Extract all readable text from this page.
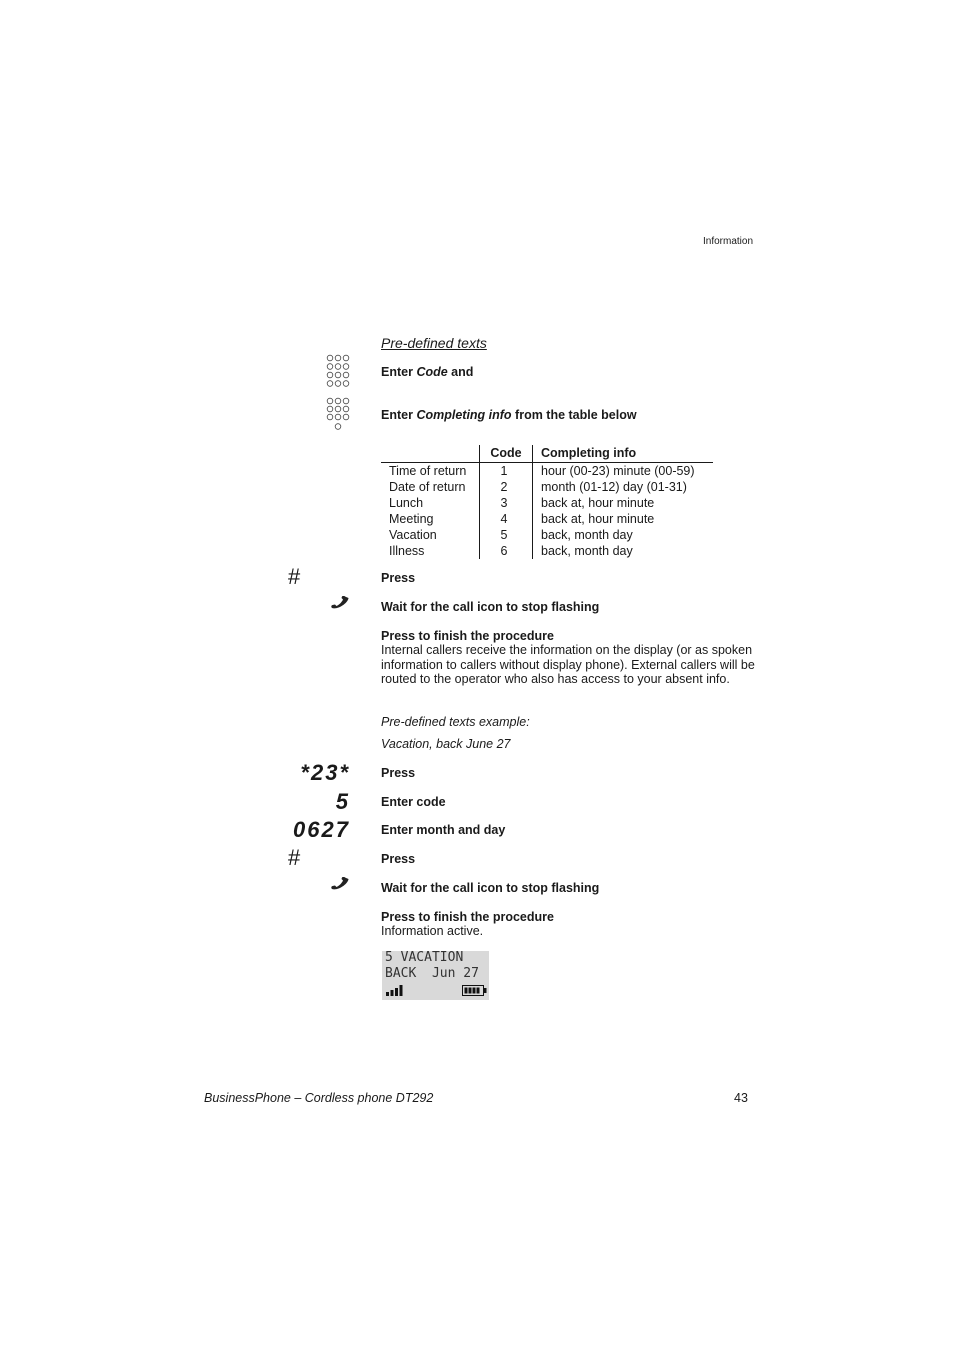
Information
Pre-defined texts
Enter Code and
Enter Completing info from the table below
	Code	Completing info
Time of return	1	hour (00-23) minute (00-59)
Date of return	2	month (01-12) day (01-31)
Lunch	3	back at, hour minute
Meeting	4	back at, hour minute
Vacation	5	back, month day
Illness	6	back, month day
#	Press
Wait for the call icon to stop flashing
Press to finish the procedure
Internal callers receive the information on the display (or as spoken information to callers without display phone). External callers will be routed to the operator who also has access to your absent info.
Pre-defined texts example:
Vacation, back June 27
*23* Press
5 Enter code
0627 Enter month and day
#	Press
Wait for the call icon to stop flashing
Press to finish the procedure
Information active.
5 VACATION
BACK  Jun 27
BusinessPhone – Cordless phone DT292	43
